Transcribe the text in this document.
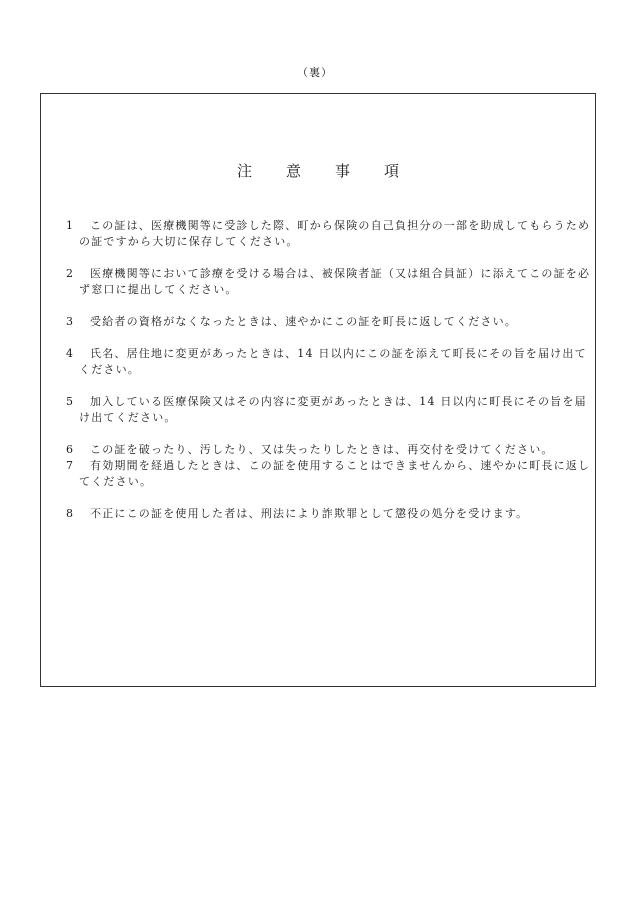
（裏）
注 意 事 項
1 この証は、医療機関等に受診した際、町から保険の自己負担分の一部を助成してもらうための証ですから大切に保存してください。
2 医療機関等において診療を受ける場合は、被保険者証（又は組合員証）に添えてこの証を必ず窓口に提出してください。
3 受給者の資格がなくなったときは、速やかにこの証を町長に返してください。
4 氏名、居住地に変更があったときは、14 日以内にこの証を添えて町長にその旨を届け出てください。
5 加入している医療保険又はその内容に変更があったときは、14 日以内に町長にその旨を届け出てください。
6 この証を破ったり、汚したり、又は失ったりしたときは、再交付を受けてください。
7 有効期間を経過したときは、この証を使用することはできませんから、速やかに町長に返してください。
8 不正にこの証を使用した者は、刑法により詐欺罪として懲役の処分を受けます。
